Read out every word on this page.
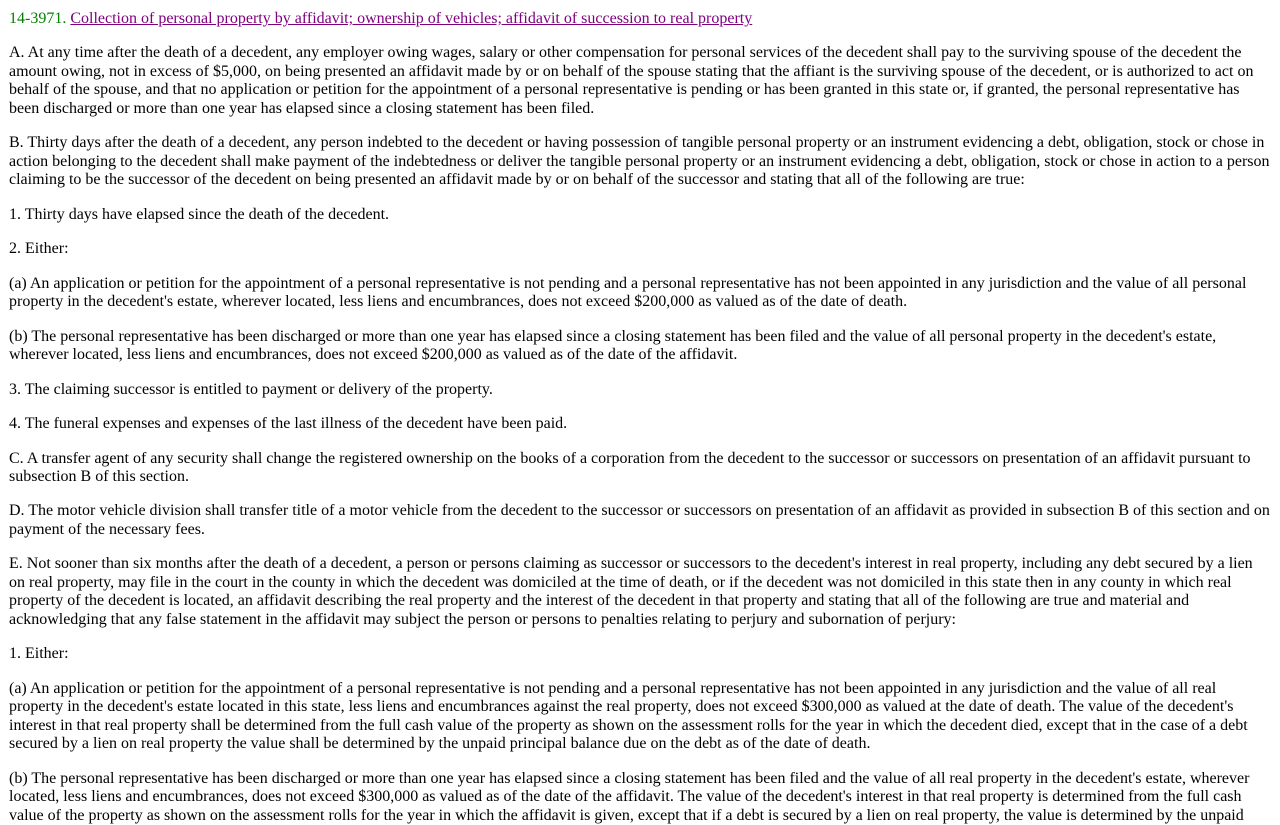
14-3971. Collection of personal property by affidavit; ownership of vehicles; affidavit of succession to real property

A. At any time after the death of a decedent, any employer owing wages, salary or other compensation for personal services of the decedent shall pay to the surviving spouse of the decedent the amount owing, not in excess of $5,000, on being presented an affidavit made by or on behalf of the spouse stating that the affiant is the surviving spouse of the decedent, or is authorized to act on behalf of the spouse, and that no application or petition for the appointment of a personal representative is pending or has been granted in this state or, if granted, the personal representative has been discharged or more than one year has elapsed since a closing statement has been filed.

B. Thirty days after the death of a decedent, any person indebted to the decedent or having possession of tangible personal property or an instrument evidencing a debt, obligation, stock or chose in action belonging to the decedent shall make payment of the indebtedness or deliver the tangible personal property or an instrument evidencing a debt, obligation, stock or chose in action to a person claiming to be the successor of the decedent on being presented an affidavit made by or on behalf of the successor and stating that all of the following are true:

1. Thirty days have elapsed since the death of the decedent.

2. Either:

(a) An application or petition for the appointment of a personal representative is not pending and a personal representative has not been appointed in any jurisdiction and the value of all personal property in the decedent's estate, wherever located, less liens and encumbrances, does not exceed $200,000 as valued as of the date of death.

(b) The personal representative has been discharged or more than one year has elapsed since a closing statement has been filed and the value of all personal property in the decedent's estate, wherever located, less liens and encumbrances, does not exceed $200,000 as valued as of the date of the affidavit.

3. The claiming successor is entitled to payment or delivery of the property.

4. The funeral expenses and expenses of the last illness of the decedent have been paid.

C. A transfer agent of any security shall change the registered ownership on the books of a corporation from the decedent to the successor or successors on presentation of an affidavit pursuant to subsection B of this section.

D. The motor vehicle division shall transfer title of a motor vehicle from the decedent to the successor or successors on presentation of an affidavit as provided in subsection B of this section and on payment of the necessary fees.

E. Not sooner than six months after the death of a decedent, a person or persons claiming as successor or successors to the decedent's interest in real property, including any debt secured by a lien on real property, may file in the court in the county in which the decedent was domiciled at the time of death, or if the decedent was not domiciled in this state then in any county in which real property of the decedent is located, an affidavit describing the real property and the interest of the decedent in that property and stating that all of the following are true and material and acknowledging that any false statement in the affidavit may subject the person or persons to penalties relating to perjury and subornation of perjury:

1. Either:

(a) An application or petition for the appointment of a personal representative is not pending and a personal representative has not been appointed in any jurisdiction and the value of all real property in the decedent's estate located in this state, less liens and encumbrances against the real property, does not exceed $300,000 as valued at the date of death. The value of the decedent's interest in that real property shall be determined from the full cash value of the property as shown on the assessment rolls for the year in which the decedent died, except that in the case of a debt secured by a lien on real property the value shall be determined by the unpaid principal balance due on the debt as of the date of death.

(b) The personal representative has been discharged or more than one year has elapsed since a closing statement has been filed and the value of all real property in the decedent's estate, wherever located, less liens and encumbrances, does not exceed $300,000 as valued as of the date of the affidavit. The value of the decedent's interest in that real property is determined from the full cash value of the property as shown on the assessment rolls for the year in which the affidavit is given, except that if a debt is secured by a lien on real property, the value is determined by the unpaid
